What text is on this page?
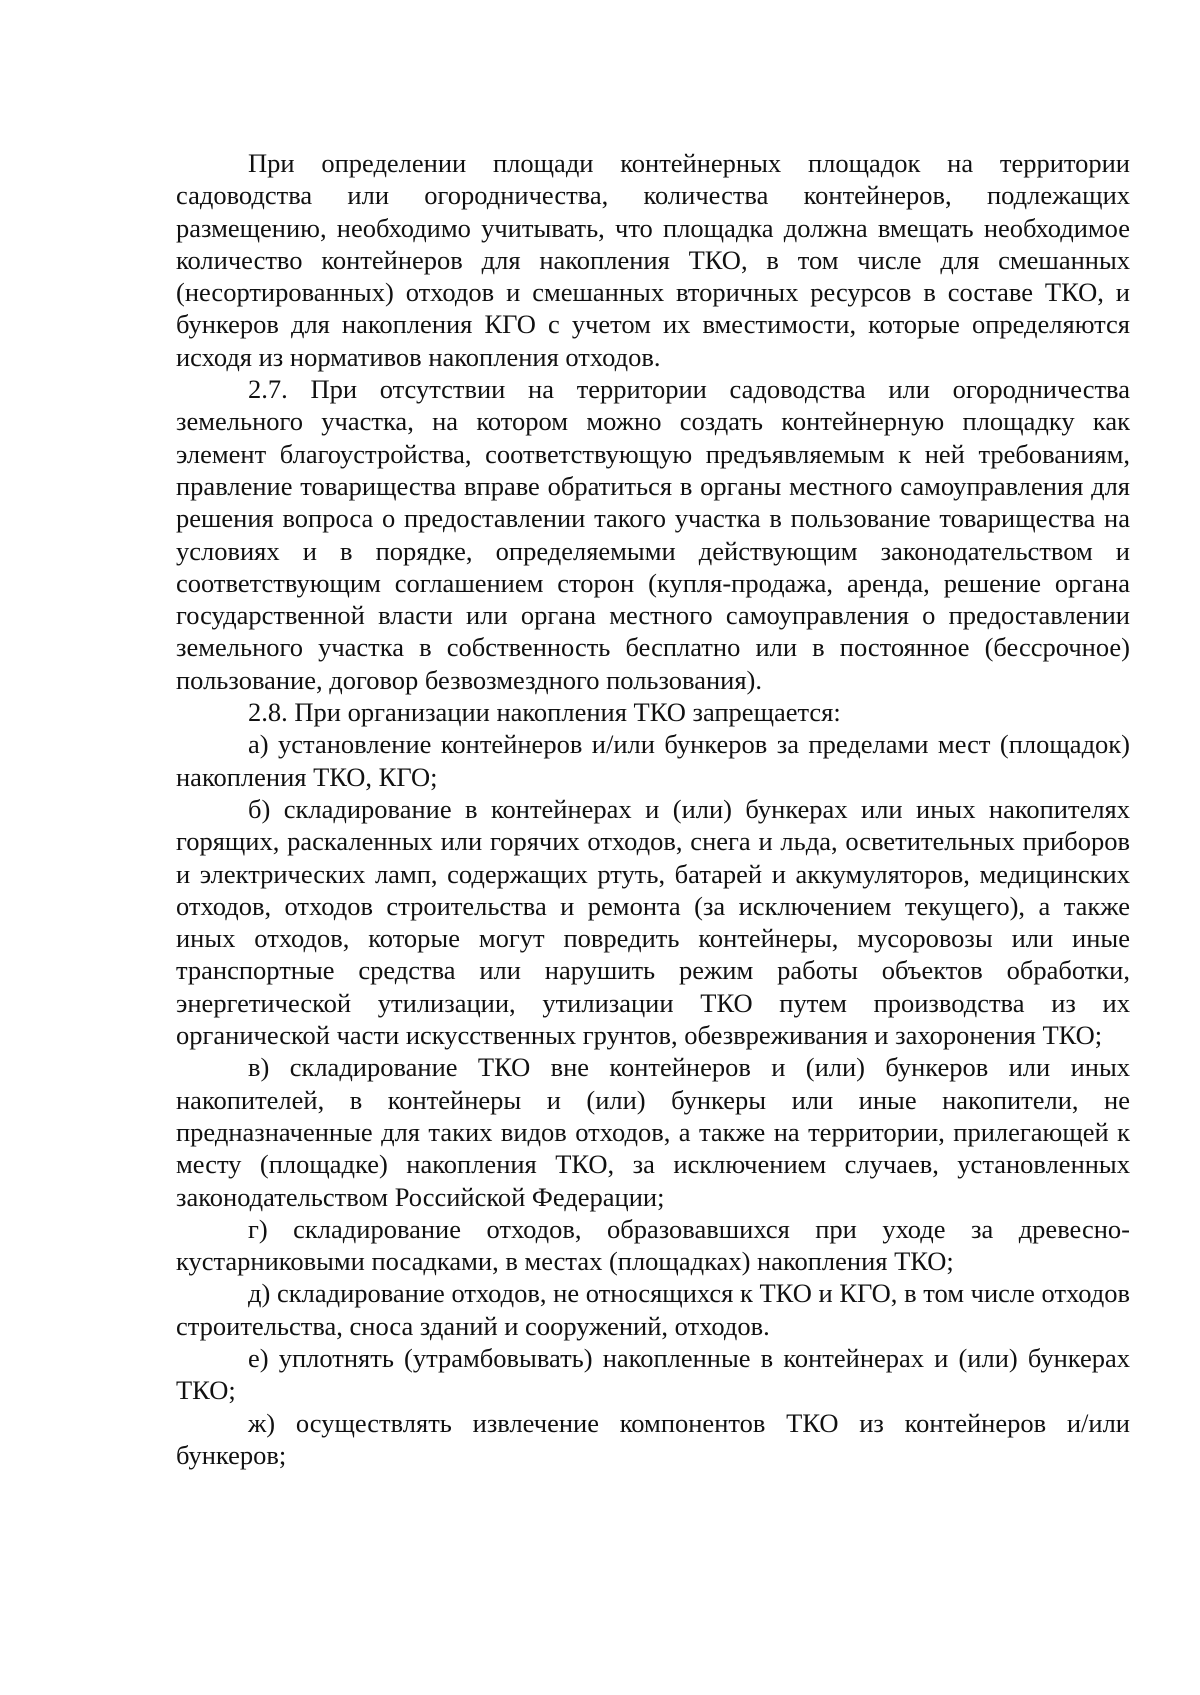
При определении площади контейнерных площадок на территории садоводства или огородничества, количества контейнеров, подлежащих размещению, необходимо учитывать, что площадка должна вмещать необходимое количество контейнеров для накопления ТКО, в том числе для смешанных (несортированных) отходов и смешанных вторичных ресурсов в составе ТКО, и бункеров для накопления КГО с учетом их вместимости, которые определяются исходя из нормативов накопления отходов.

2.7. При отсутствии на территории садоводства или огородничества земельного участка, на котором можно создать контейнерную площадку как элемент благоустройства, соответствующую предъявляемым к ней требованиям, правление товарищества вправе обратиться в органы местного самоуправления для решения вопроса о предоставлении такого участка в пользование товарищества на условиях и в порядке, определяемыми действующим законодательством и соответствующим соглашением сторон (купля-продажа, аренда, решение органа государственной власти или органа местного самоуправления о предоставлении земельного участка в собственность бесплатно или в постоянное (бессрочное) пользование, договор безвозмездного пользования).

2.8. При организации накопления ТКО запрещается:

а) установление контейнеров и/или бункеров за пределами мест (площадок) накопления ТКО, КГО;

б) складирование в контейнерах и (или) бункерах или иных накопителях горящих, раскаленных или горячих отходов, снега и льда, осветительных приборов и электрических ламп, содержащих ртуть, батарей и аккумуляторов, медицинских отходов, отходов строительства и ремонта (за исключением текущего), а также иных отходов, которые могут повредить контейнеры, мусоровозы или иные транспортные средства или нарушить режим работы объектов обработки, энергетической утилизации, утилизации ТКО путем производства из их органической части искусственных грунтов, обезвреживания и захоронения ТКО;

в) складирование ТКО вне контейнеров и (или) бункеров или иных накопителей, в контейнеры и (или) бункеры или иные накопители, не предназначенные для таких видов отходов, а также на территории, прилегающей к месту (площадке) накопления ТКО, за исключением случаев, установленных законодательством Российской Федерации;

г) складирование отходов, образовавшихся при уходе за древесно-кустарниковыми посадками, в местах (площадках) накопления ТКО;

д) складирование отходов, не относящихся к ТКО и КГО, в том числе отходов строительства, сноса зданий и сооружений, отходов.

е) уплотнять (утрамбовывать) накопленные в контейнерах и (или) бункерах ТКО;

ж) осуществлять извлечение компонентов ТКО из контейнеров и/или бункеров;
